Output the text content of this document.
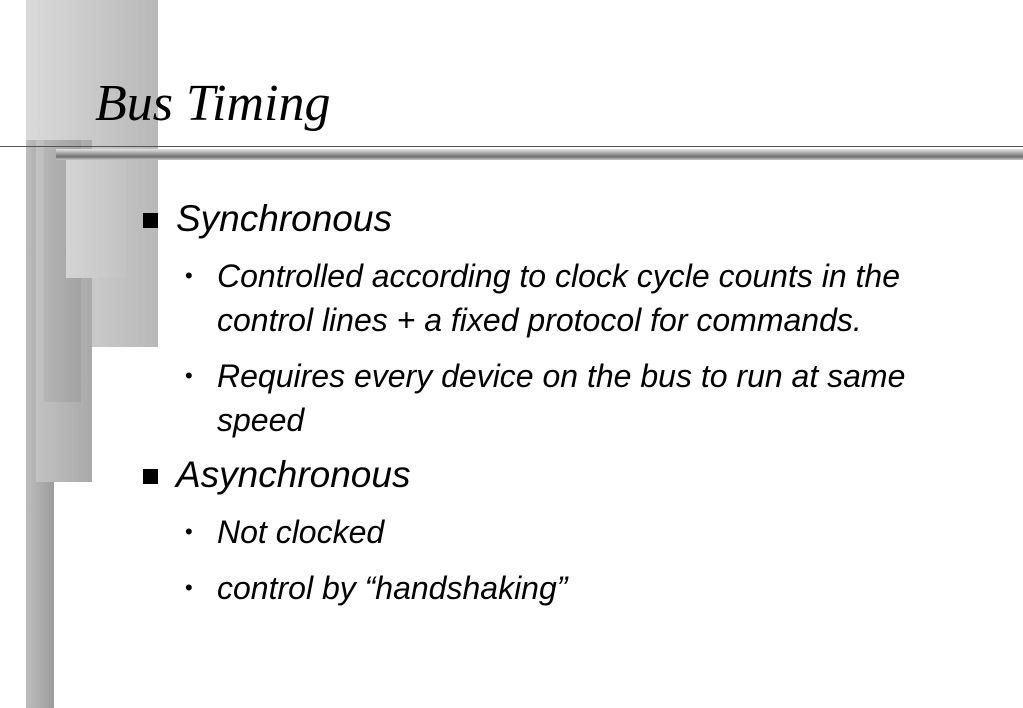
Bus Timing
Synchronous
• Controlled according to clock cycle counts in the control lines + a fixed protocol for commands.
• Requires every device on the bus to run at same speed
Asynchronous
• Not clocked
• control by “handshaking”
